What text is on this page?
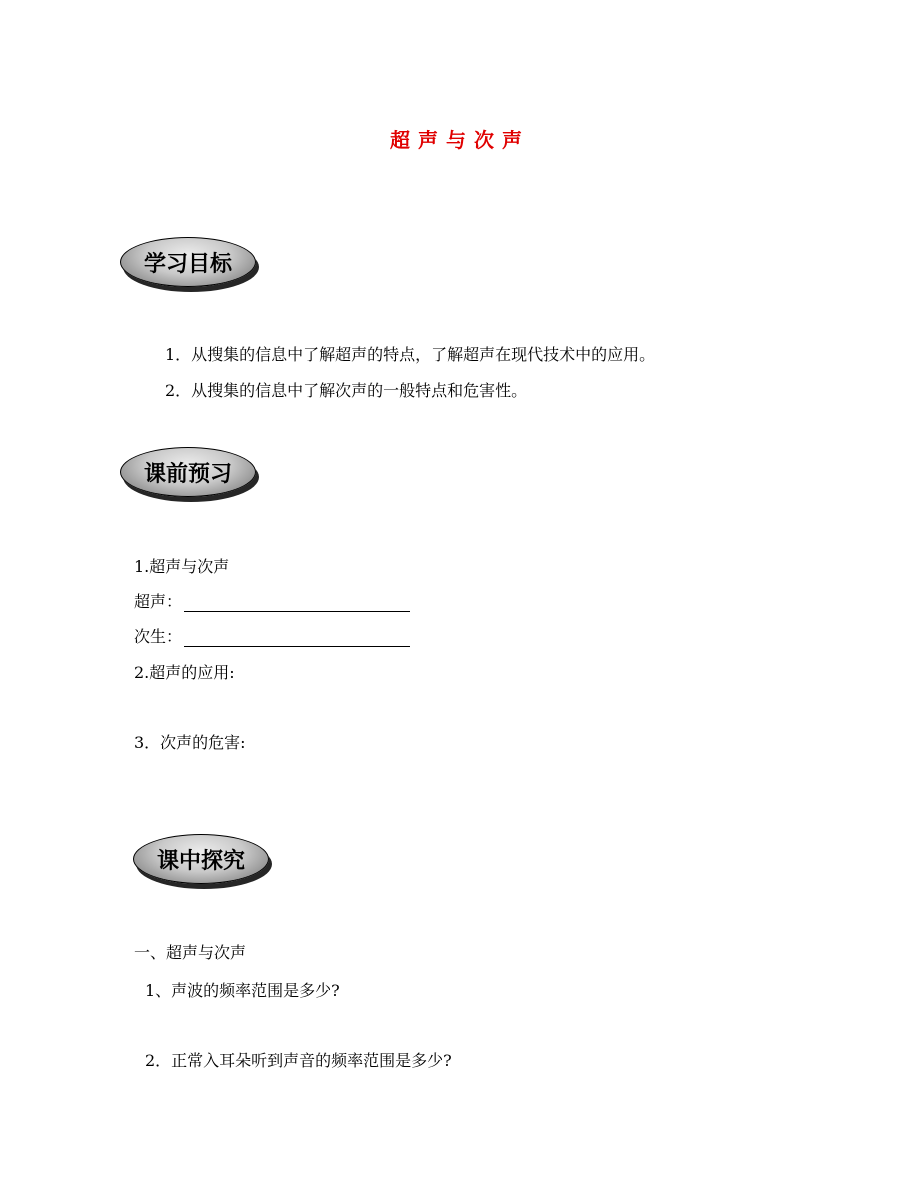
超声与次声
学习目标
1．从搜集的信息中了解超声的特点，了解超声在现代技术中的应用。
2．从搜集的信息中了解次声的一般特点和危害性。
课前预习
1.超声与次声
超声：
次生：
2.超声的应用:
3．次声的危害:
课中探究
一、超声与次声
1、声波的频率范围是多少?
2．正常入耳朵听到声音的频率范围是多少?
